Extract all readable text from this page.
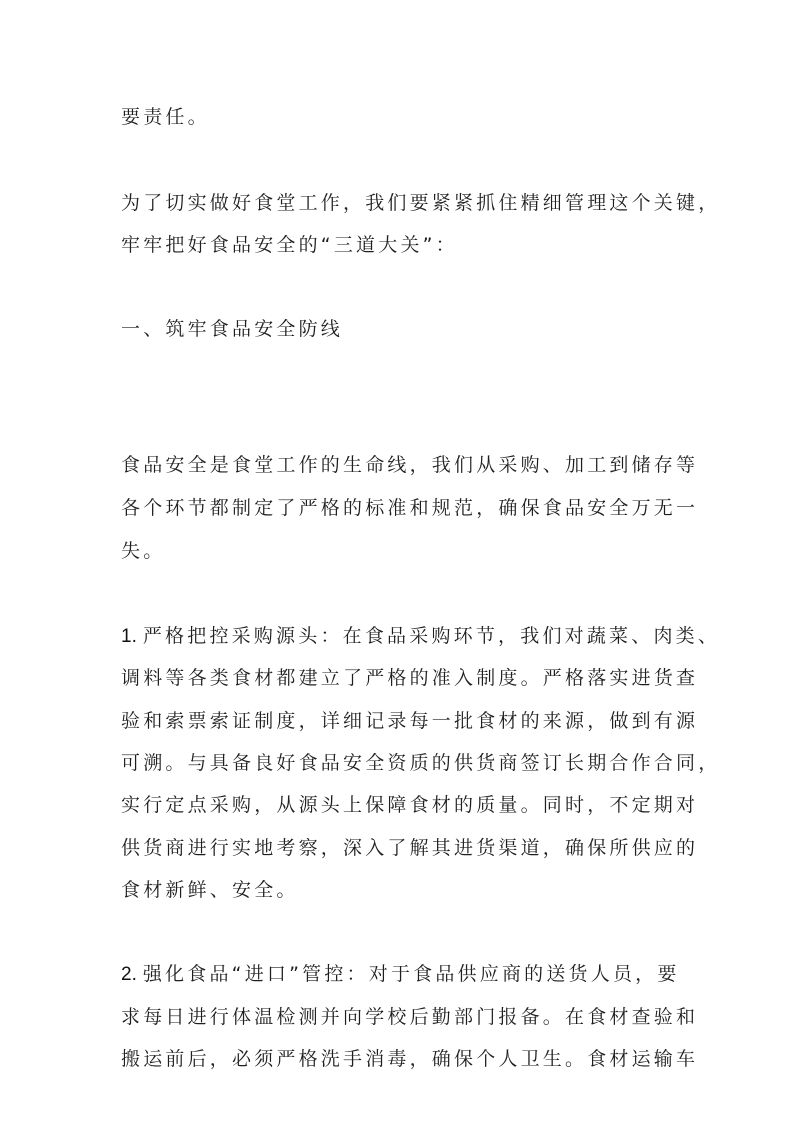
要责任。
为了切实做好食堂工作，我们要紧紧抓住精细管理这个关键，
牢牢把好食品安全的“三道大关”：
一、筑牢食品安全防线
食品安全是食堂工作的生命线，我们从采购、加工到储存等
各个环节都制定了严格的标准和规范，确保食品安全万无一
失。
1. 严格把控采购源头：在食品采购环节，我们对蔬菜、肉类、
调料等各类食材都建立了严格的准入制度。严格落实进货查
验和索票索证制度，详细记录每一批食材的来源，做到有源
可溯。与具备良好食品安全资质的供货商签订长期合作合同，
实行定点采购，从源头上保障食材的质量。同时，不定期对
供货商进行实地考察，深入了解其进货渠道，确保所供应的
食材新鲜、安全。
2. 强化食品“进口”管控：对于食品供应商的送货人员，要
求每日进行体温检测并向学校后勤部门报备。在食材查验和
搬运前后，必须严格洗手消毒，确保个人卫生。食材运输车
